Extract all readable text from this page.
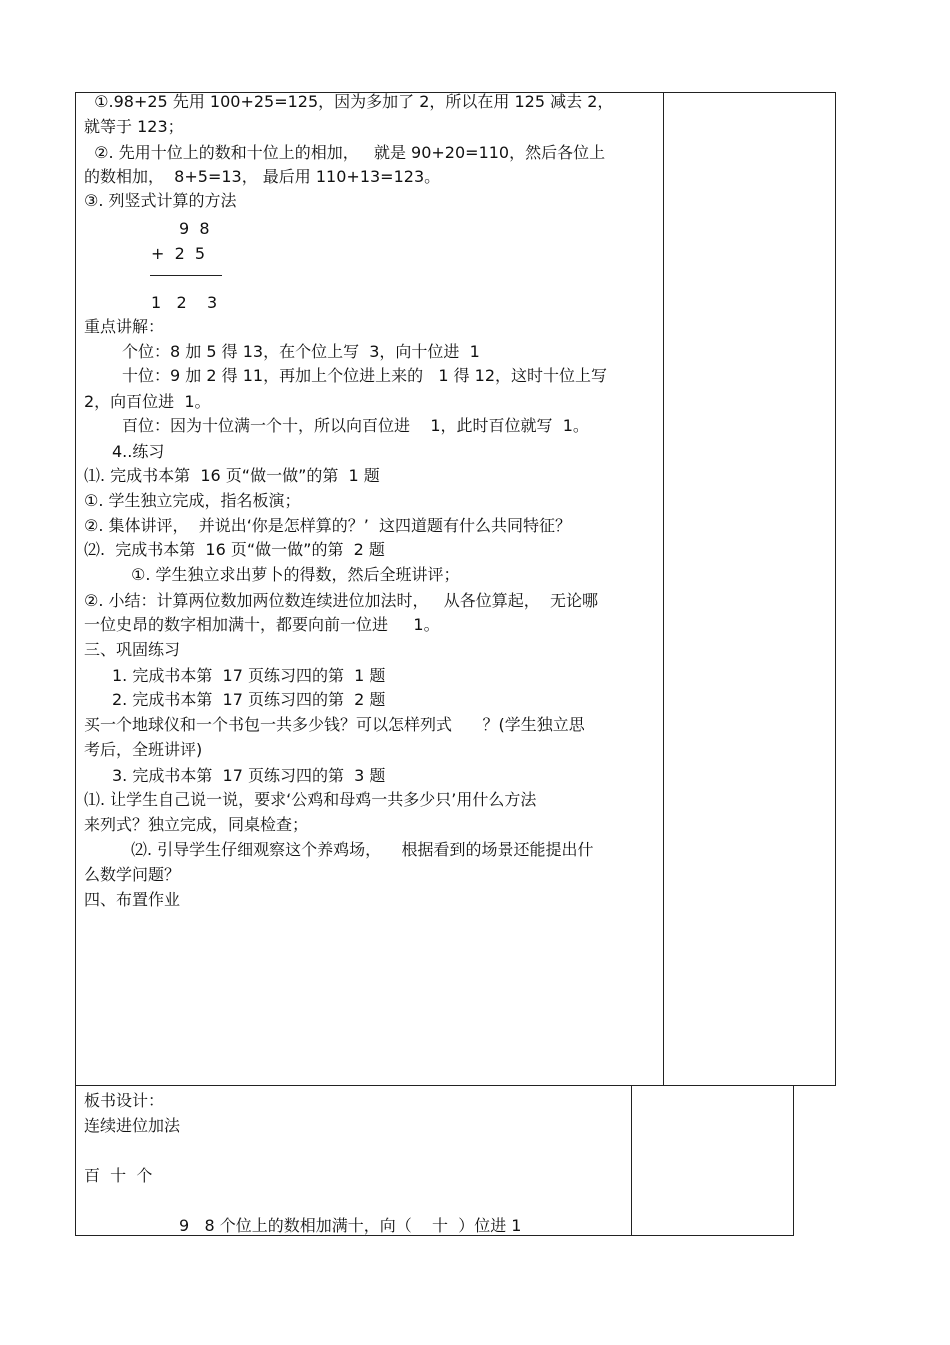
①.98+25 先用 100+25=125，因为多加了 2，所以在用 125 减去 2，
就等于 123；
②. 先用十位上的数和十位上的相加，   就是 90+20=110，然后各位上
的数相加，  8+5=13， 最后用 110+13=123。
③. 列竖式计算的方法
9  8
+  2  5
1   2    3
重点讲解：
个位：8 加 5 得 13，在个位上写  3，向十位进  1
十位：9 加 2 得 11，再加上个位进上来的   1 得 12，这时十位上写
2，向百位进  1。
百位：因为十位满一个十，所以向百位进    1，此时百位就写  1。
4..练习
⑴. 完成书本第  16 页“做一做”的第  1 题
①. 学生独立完成，指名板演；
②. 集体讲评，  并说出‘你是怎样算的？’  这四道题有什么共同特征？
⑵.  完成书本第  16 页“做一做”的第  2 题
①. 学生独立求出萝卜的得数，然后全班讲评；
②. 小结：计算两位数加两位数连续进位加法时，   从各位算起，  无论哪
一位史昂的数字相加满十，都要向前一位进     1。
三、巩固练习
1. 完成书本第  17 页练习四的第  1 题
2. 完成书本第  17 页练习四的第  2 题
买一个地球仪和一个书包一共多少钱？可以怎样列式      ？(学生独立思
考后，全班讲评)
3. 完成书本第  17 页练习四的第  3 题
⑴. 让学生自己说一说，要求‘公鸡和母鸡一共多少只’用什么方法
来列式？独立完成，同桌检查；
⑵. 引导学生仔细观察这个养鸡场，    根据看到的场景还能提出什
么数学问题？
四、布置作业
板书设计：
连续进位加法
百  十  个
9   8 个位上的数相加满十，向（    十  ）位进 1
